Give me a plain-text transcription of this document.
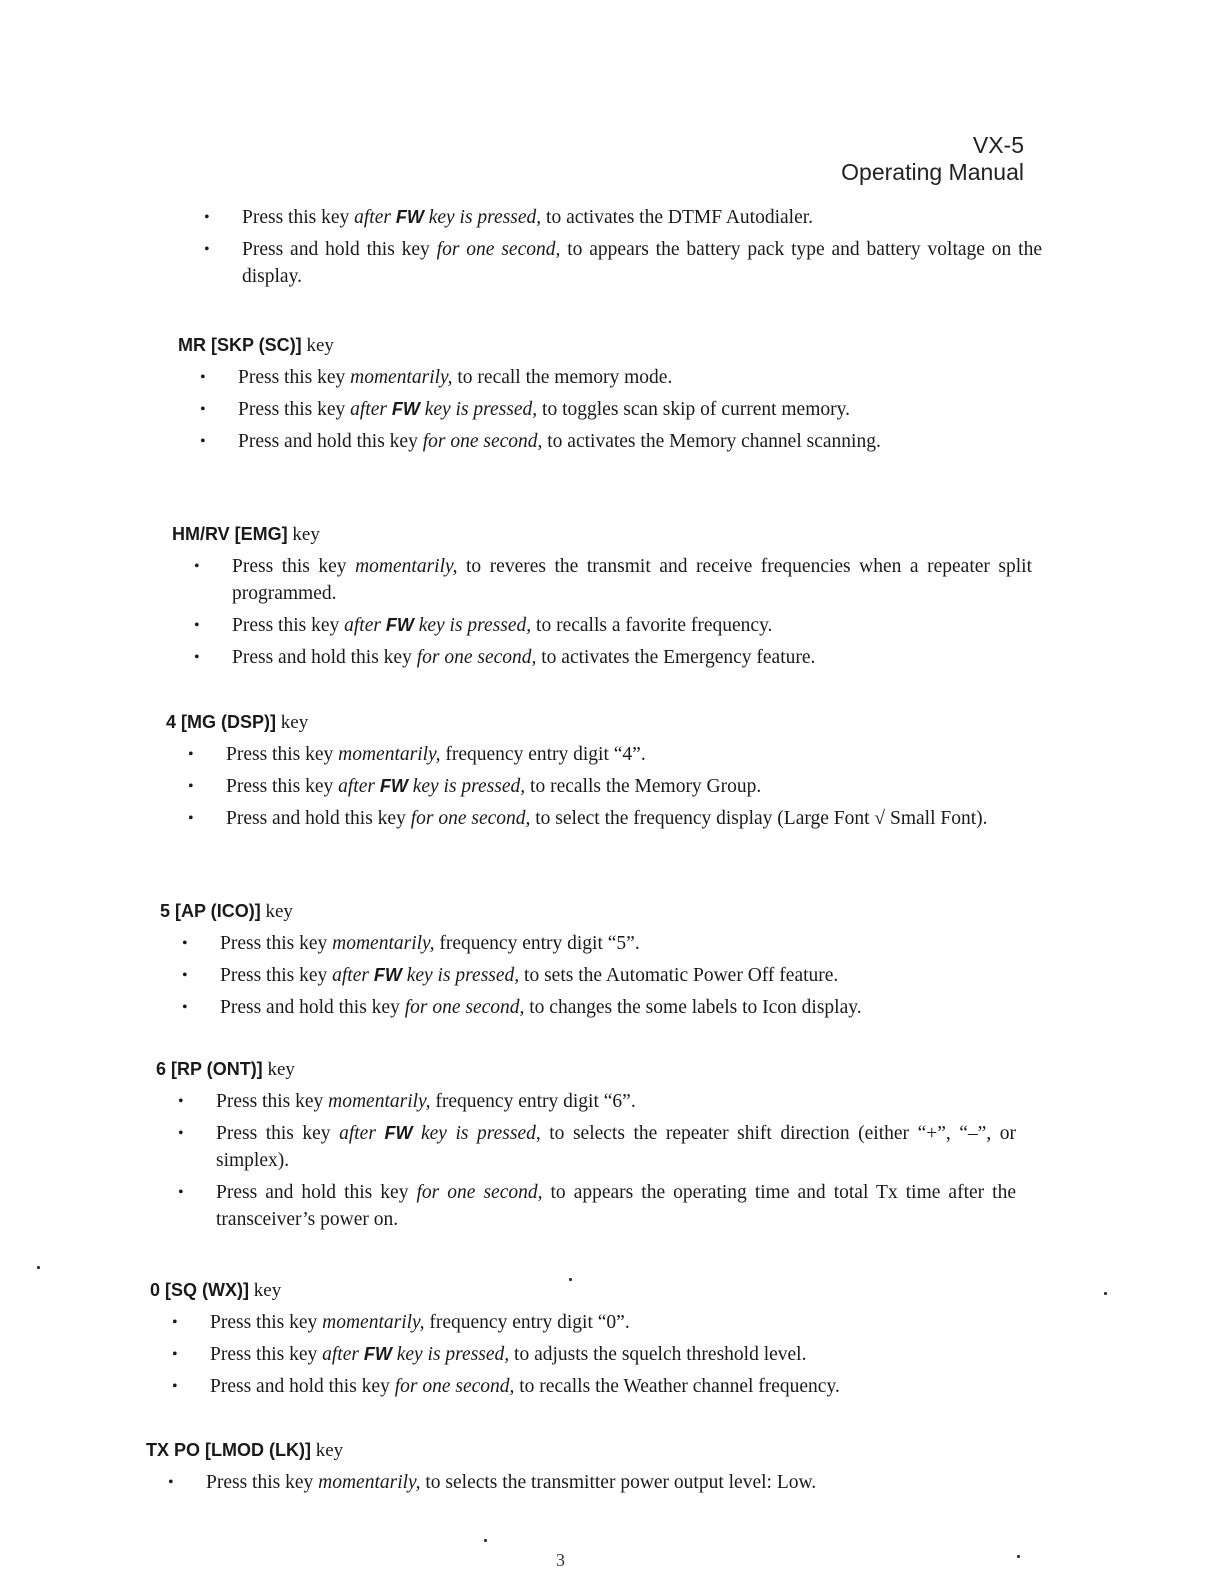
VX-5
Operating Manual
• Press this key after FW key is pressed, to activates the DTMF Autodialer.
• Press and hold this key for one second, to appears the battery pack type and battery voltage on the display.
MR [SKP (SC)] key
• Press this key momentarily, to recall the memory mode.
• Press this key after FW key is pressed, to toggles scan skip of current memory.
• Press and hold this key for one second, to activates the Memory channel scanning.
HM/RV [EMG] key
• Press this key momentarily, to reveres the transmit and receive frequencies when a repeater split programmed.
• Press this key after FW key is pressed, to recalls a favorite frequency.
• Press and hold this key for one second, to activates the Emergency feature.
4 [MG (DSP)] key
• Press this key momentarily, frequency entry digit “4”.
• Press this key after FW key is pressed, to recalls the Memory Group.
• Press and hold this key for one second, to select the frequency display (Large Font √ Small Font).
5 [AP (ICO)] key
• Press this key momentarily, frequency entry digit “5”.
• Press this key after FW key is pressed, to sets the Automatic Power Off feature.
• Press and hold this key for one second, to changes the some labels to Icon display.
6 [RP (ONT)] key
• Press this key momentarily, frequency entry digit “6”.
• Press this key after FW key is pressed, to selects the repeater shift direction (either “+”, “–”, or simplex).
• Press and hold this key for one second, to appears the operating time and total Tx time after the transceiver’s power on.
0 [SQ (WX)] key
• Press this key momentarily, frequency entry digit “0”.
• Press this key after FW key is pressed, to adjusts the squelch threshold level.
• Press and hold this key for one second, to recalls the Weather channel frequency.
TX PO [LMOD (LK)] key
• Press this key momentarily, to selects the transmitter power output level: Low.
3
